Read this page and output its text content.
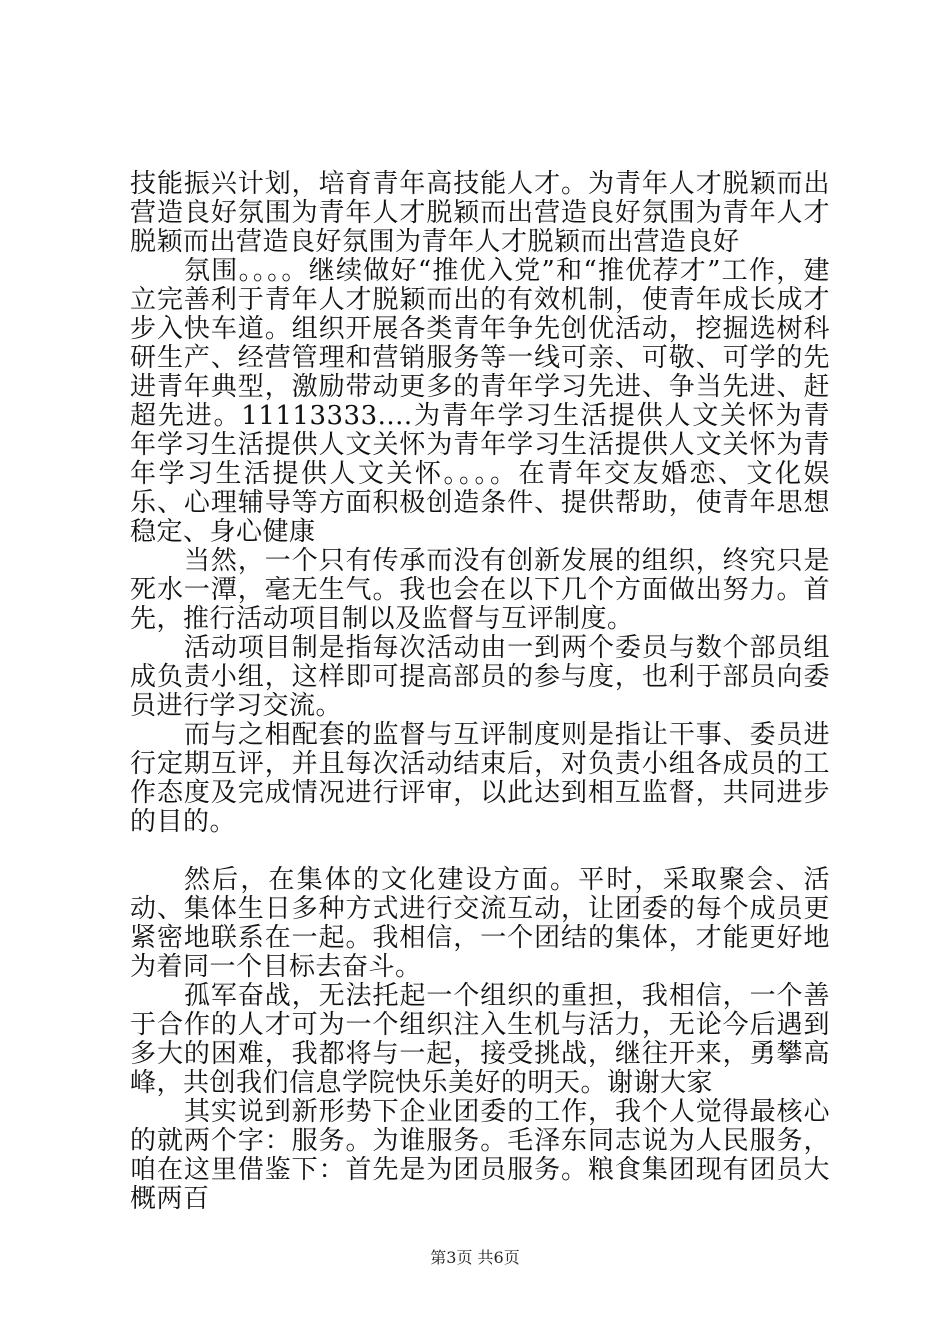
技能振兴计划，培育青年高技能人才。为青年人才脱颖而出营造良好氛围为青年人才脱颖而出营造良好氛围为青年人才脱颖而出营造良好氛围为青年人才脱颖而出营造良好

氛围。。。。继续做好“推优入党”和“推优荐才”工作，建立完善利于青年人才脱颖而出的有效机制，使青年成长成才步入快车道。组织开展各类青年争先创优活动，挖掘选树科研生产、经营管理和营销服务等一线可亲、可敬、可学的先进青年典型，激励带动更多的青年学习先进、争当先进、赶超先进。11113333....为青年学习生活提供人文关怀为青年学习生活提供人文关怀为青年学习生活提供人文关怀为青年学习生活提供人文关怀。。。。在青年交友婚恋、文化娱乐、心理辅导等方面积极创造条件、提供帮助，使青年思想稳定、身心健康

当然，一个只有传承而没有创新发展的组织，终究只是死水一潭，毫无生气。我也会在以下几个方面做出努力。首先，推行活动项目制以及监督与互评制度。

活动项目制是指每次活动由一到两个委员与数个部员组成负责小组，这样即可提高部员的参与度，也利于部员向委员进行学习交流。

而与之相配套的监督与互评制度则是指让干事、委员进行定期互评，并且每次活动结束后，对负责小组各成员的工作态度及完成情况进行评审，以此达到相互监督，共同进步的目的。

然后，在集体的文化建设方面。平时，采取聚会、活动、集体生日多种方式进行交流互动，让团委的每个成员更紧密地联系在一起。我相信，一个团结的集体，才能更好地为着同一个目标去奋斗。

孤军奋战，无法托起一个组织的重担，我相信，一个善于合作的人才可为一个组织注入生机与活力，无论今后遇到多大的困难，我都将与一起，接受挑战，继往开来，勇攀高峰，共创我们信息学院快乐美好的明天。谢谢大家

其实说到新形势下企业团委的工作，我个人觉得最核心的就两个字：服务。为谁服务。毛泽东同志说为人民服务，咱在这里借鉴下：首先是为团员服务。粮食集团现有团员大概两百

第3页 共6页
